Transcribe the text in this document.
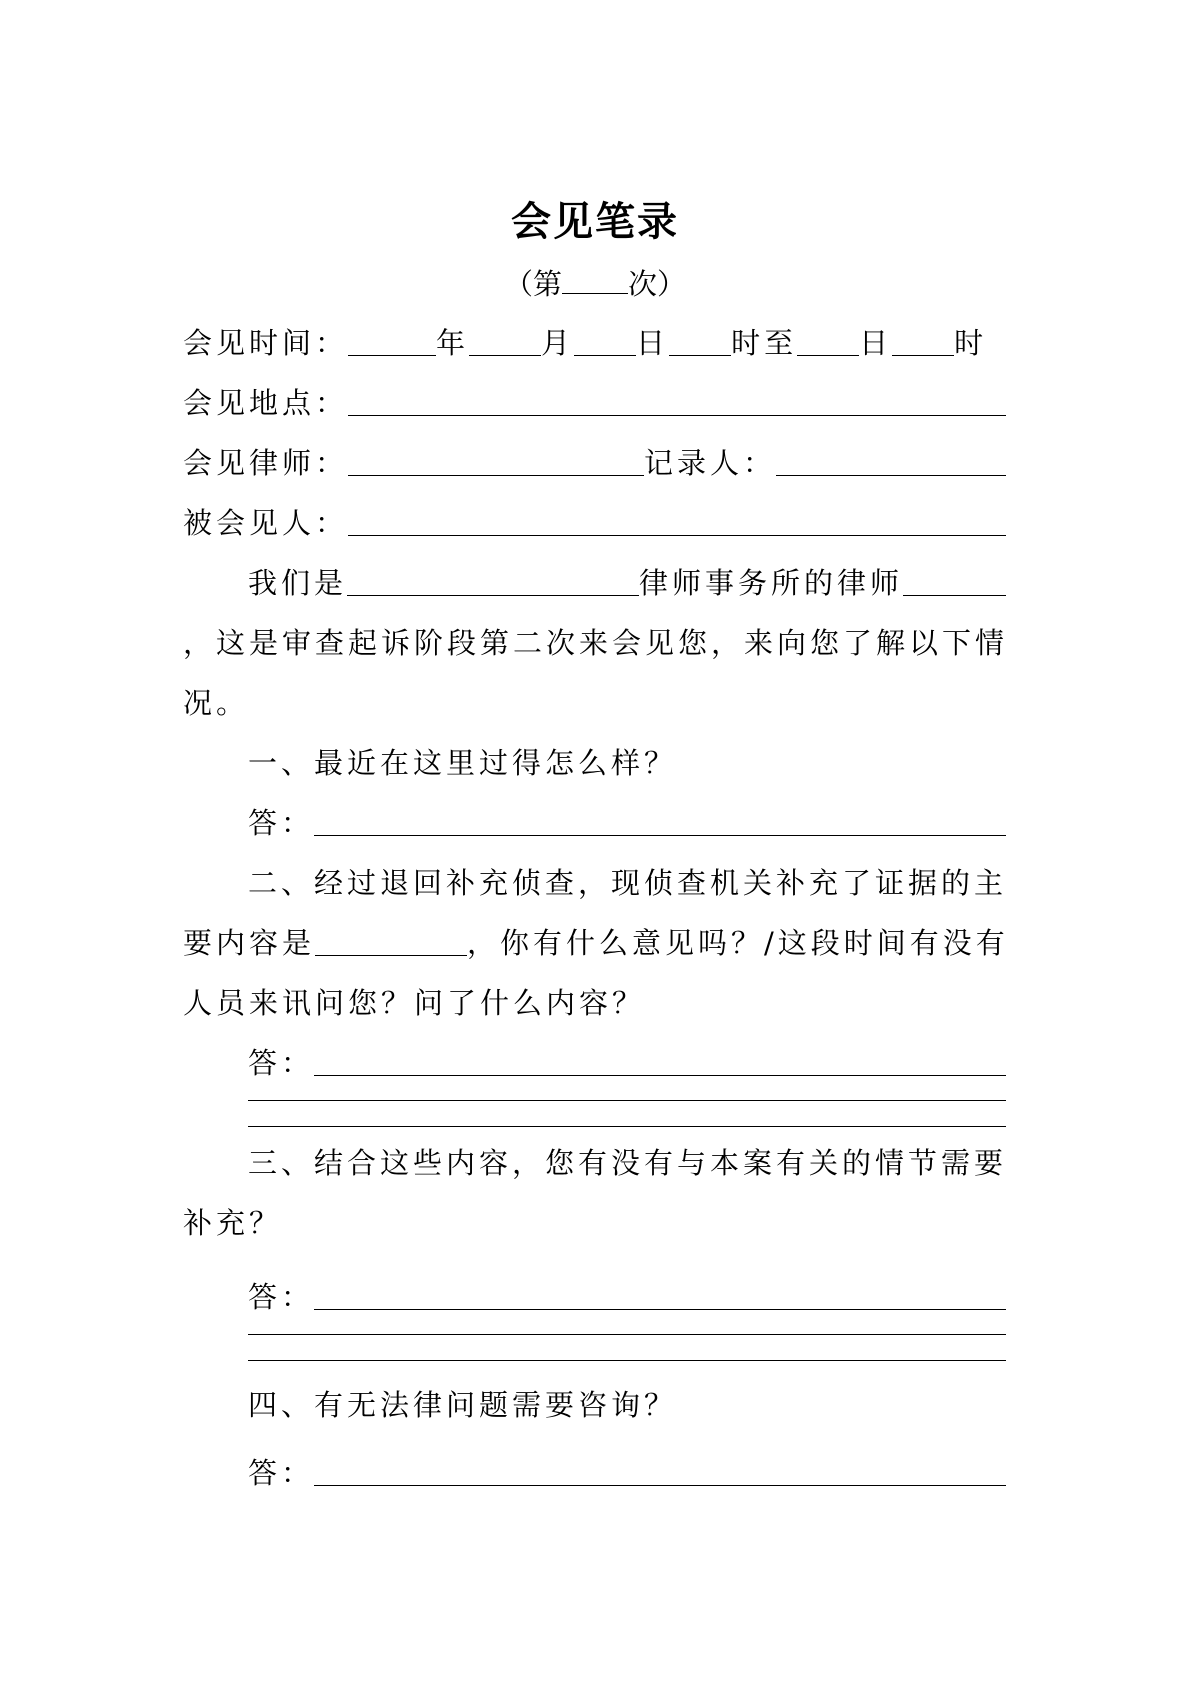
会见笔录
（第 次）
会见时间：	年 月 日 时至 日 时
会见地点：
会见律师：	记录人：
被会见人：
我们是	律师事务所的律师
，这是审查起诉阶段第二次来会见您，来向您了解以下情
况。
一、最近在这里过得怎么样？
答：
二、经过退回补充侦查，现侦查机关补充了证据的主
要内容是	，你有什么意见吗？/这段时间有没有
人员来讯问您？问了什么内容？
答：
三、结合这些内容，您有没有与本案有关的情节需要
补充？
答：
四、有无法律问题需要咨询？
答：
